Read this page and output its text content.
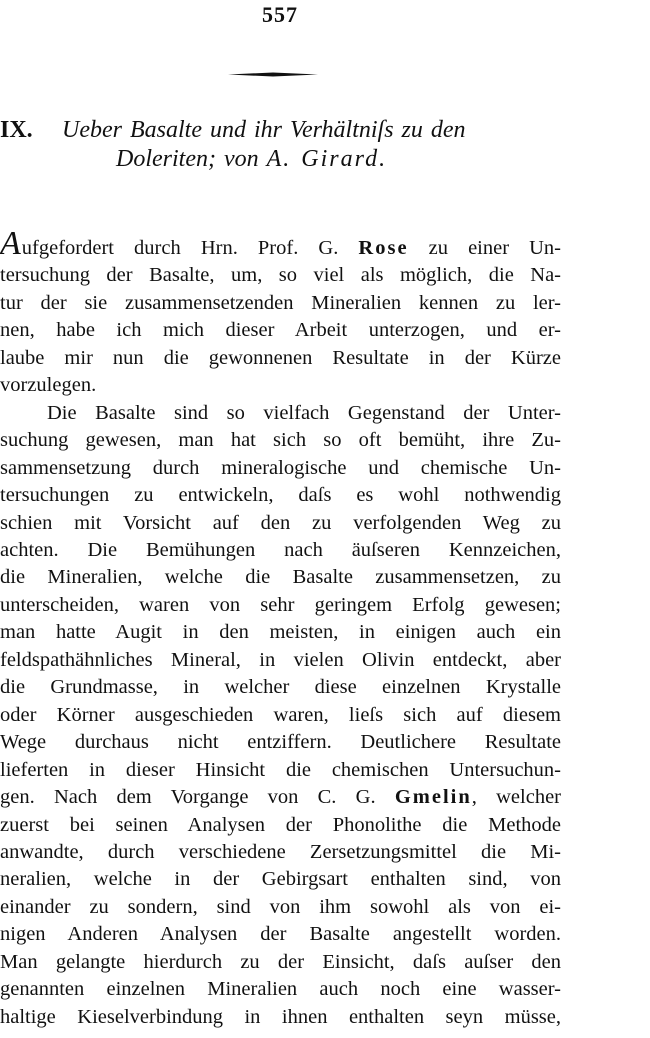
557
IX. Ueber Basalte und ihr Verhältniſs zu den
Doleriten; von A. Girard.

Aufgefordert durch Hrn. Prof. G. Rose zu einer Un-

tersuchung der Basalte, um, so viel als möglich, die Na-

tur der sie zusammensetzenden Mineralien kennen zu ler-

nen, habe ich mich dieser Arbeit unterzogen, und er-

laube mir nun die gewonnenen Resultate in der Kürze

vorzulegen.

Die Basalte sind so vielfach Gegenstand der Unter-

suchung gewesen, man hat sich so oft bemüht, ihre Zu-

sammensetzung durch mineralogische und chemische Un-

tersuchungen zu entwickeln, daſs es wohl nothwendig

schien mit Vorsicht auf den zu verfolgenden Weg zu

achten. Die Bemühungen nach äuſseren Kennzeichen,

die Mineralien, welche die Basalte zusammensetzen, zu

unterscheiden, waren von sehr geringem Erfolg gewesen;

man hatte Augit in den meisten, in einigen auch ein

feldspathähnliches Mineral, in vielen Olivin entdeckt, aber

die Grundmasse, in welcher diese einzelnen Krystalle

oder Körner ausgeschieden waren, lieſs sich auf diesem

Wege durchaus nicht entziffern. Deutlichere Resultate

lieferten in dieser Hinsicht die chemischen Untersuchun-

gen. Nach dem Vorgange von C. G. Gmelin, welcher

zuerst bei seinen Analysen der Phonolithe die Methode

anwandte, durch verschiedene Zersetzungsmittel die Mi-

neralien, welche in der Gebirgsart enthalten sind, von

einander zu sondern, sind von ihm sowohl als von ei-

nigen Anderen Analysen der Basalte angestellt worden.

Man gelangte hierdurch zu der Einsicht, daſs auſser den

genannten einzelnen Mineralien auch noch eine wasser-

haltige Kieselverbindung in ihnen enthalten seyn müsse,
